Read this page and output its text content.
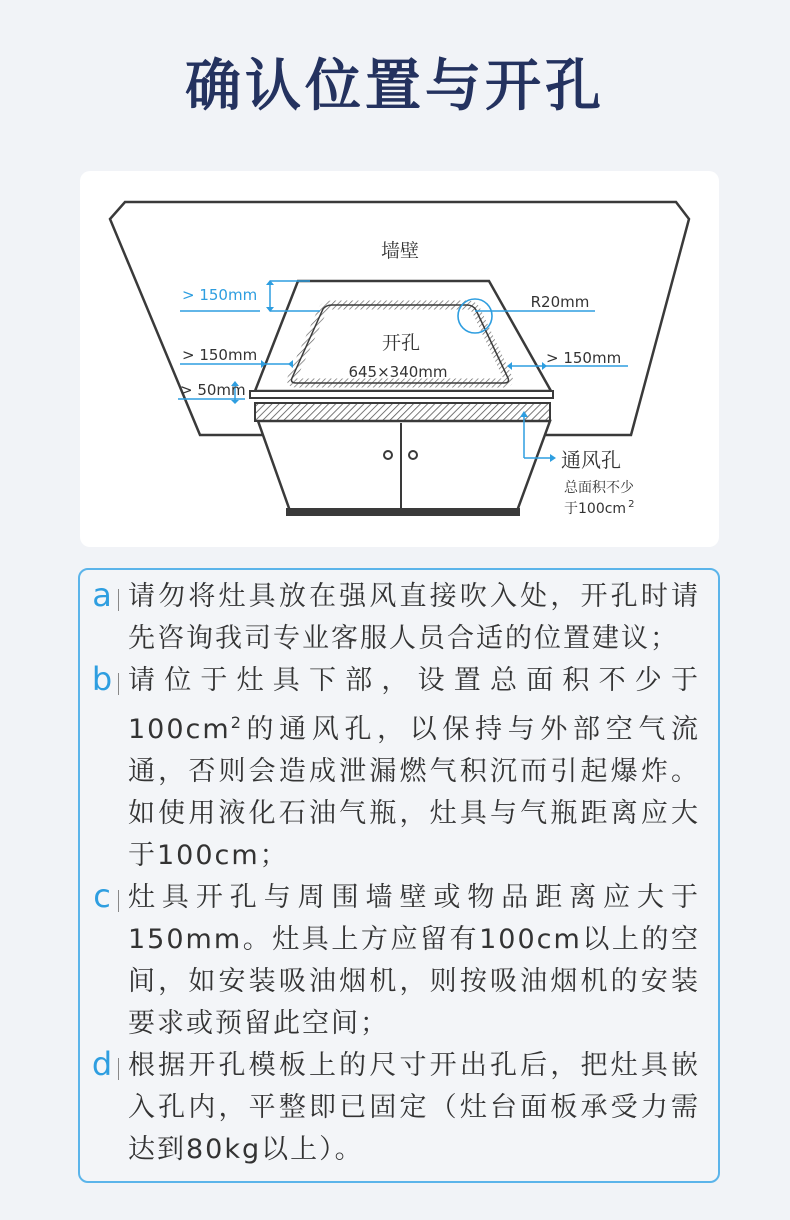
确认位置与开孔
墙壁
开孔
645×340mm
R20mm
> 150mm
> 150mm
> 50mm
> 150mm
通风孔
总面积不少
于100cm $^2$
a 请勿将灶具放在强风直接吹入处，开孔时请先咨询我司专业客服人员合适的位置建议；
b 请位于灶具下部，设置总面积不少于$100cm^2$的通风孔，以保持与外部空气流通，否则会造成泄漏燃气积沉而引起爆炸。如使用液化石油气瓶，灶具与气瓶距离应大于100cm；
c 灶具开孔与周围墙壁或物品距离应大于150mm。灶具上方应留有100cm以上的空间，如安装吸油烟机，则按吸油烟机的安装要求或预留此空间；
d 根据开孔模板上的尺寸开出孔后，把灶具嵌入孔内，平整即已固定（灶台面板承受力需达到80kg以上）。
